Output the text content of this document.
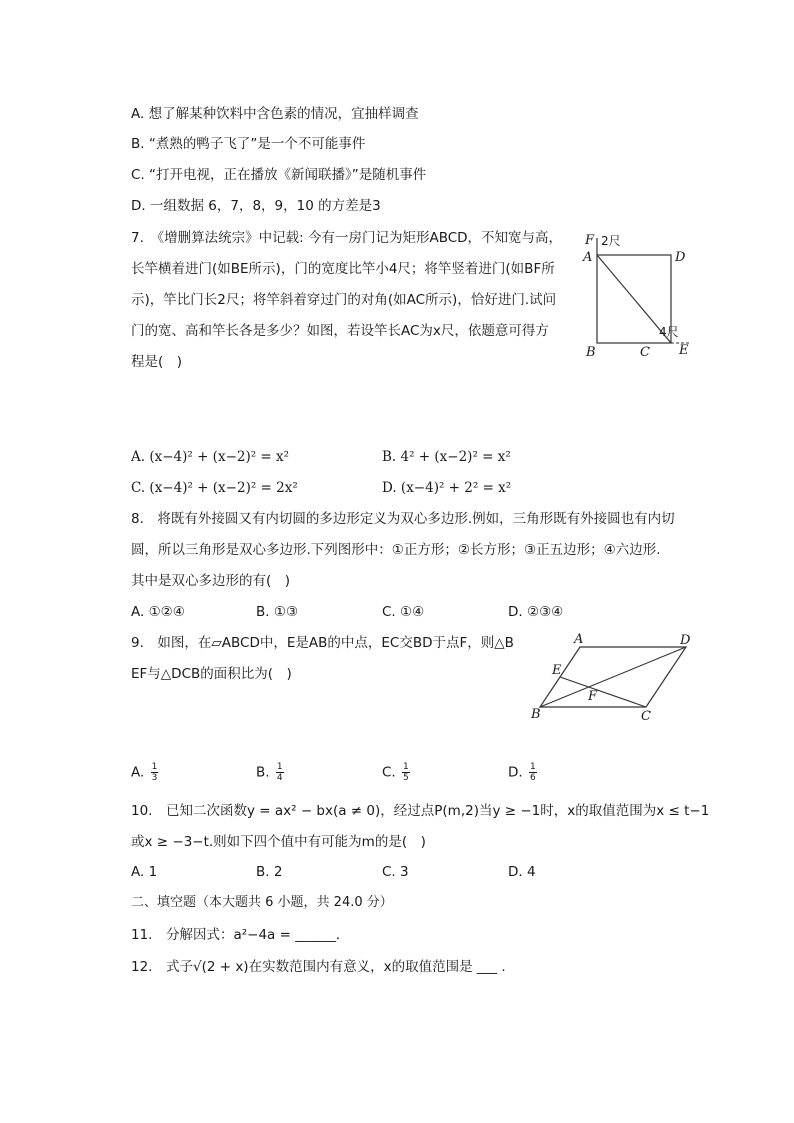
A. 想了解某种饮料中含色素的情况，宜抽样调查
B. “煮熟的鸭子飞了”是一个不可能事件
C. “打开电视，正在播放《新闻联播》”是随机事件
D. 一组数据 6，7，8，9，10 的方差是3
7.　《增删算法统宗》中记载: 今有一房门记为矩形ABCD，不知宽与高，
长竿横着进门(如BE所示)，门的宽度比竿小4尺；将竿竖着进门(如BF所
示)，竿比门长2尺；将竿斜着穿过门的对角(如AC所示)，恰好进门.试问
门的宽、高和竿长各是多少？如图，若设竿长AC为x尺，依题意可得方
程是(　)
F
A	D
B	C E
2尺
4尺
A. (x−4)² + (x−2)² = x²	B. 4² + (x−2)² = x²
C. (x−4)² + (x−2)² = 2x²	D. (x−4)² + 2² = x²
8.　将既有外接圆又有内切圆的多边形定义为双心多边形.例如，三角形既有外接圆也有内切
圆，所以三角形是双心多边形.下列图形中：①正方形；②长方形；③正五边形；④六边形.
其中是双心多边形的有(　)
A. ①②④	B. ①③	C. ①④	D. ②③④
9.　如图，在▱ABCD中，E是AB的中点，EC交BD于点F，则△B
EF与△DCB的面积比为(　)
A	D
E
F
B	C
A. $\frac{1}{3}$	B. $\frac{1}{4}$	C. $\frac{1}{5}$	D. $\frac{1}{6}$
10.　已知二次函数y = ax² − bx(a ≠ 0)，经过点P(m,2)当y ≥ −1时，x的取值范围为x ≤ t−1
或x ≥ −3−t.则如下四个值中有可能为m的是(　)
A. 1	B. 2	C. 3	D. 4
二、填空题（本大题共 6 小题，共 24.0 分）
11.　分解因式：a²−4a = ______.
12.　式子√(2 + x)在实数范围内有意义，x的取值范围是 ___ .
